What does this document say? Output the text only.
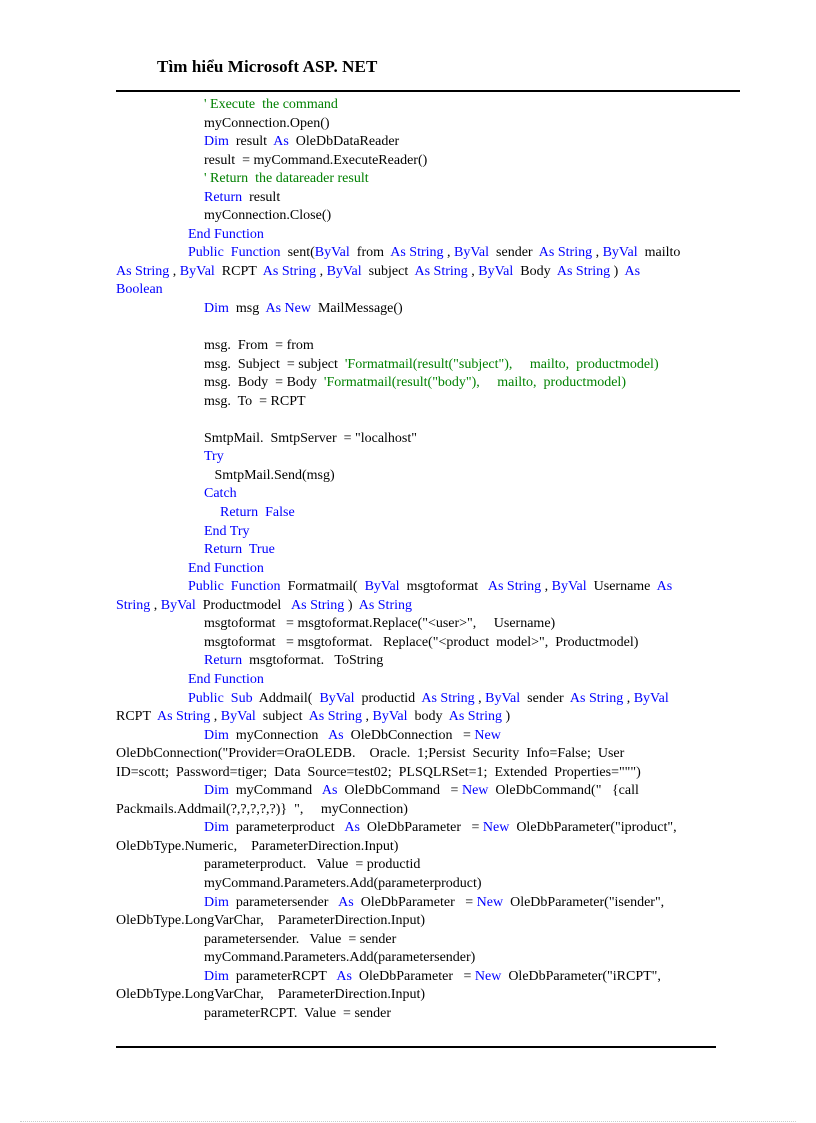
Tìm hiểu Microsoft ASP. NET
' Execute  the command
myConnection.Open()
Dim  result  As  OleDbDataReader
result  = myCommand.ExecuteReader()
' Return  the datareader result
Return  result
myConnection.Close()
End Function
Public  Function  sent(ByVal  from  As String , ByVal  sender  As String , ByVal  mailto
As String , ByVal  RCPT  As String , ByVal  subject  As String , ByVal  Body  As String )  As
Boolean
Dim  msg  As New  MailMessage()
msg.  From  = from
msg.  Subject  = subject  'Formatmail(result("subject"),     mailto,  productmodel)
msg.  Body  = Body  'Formatmail(result("body"),     mailto,  productmodel)
msg.  To  = RCPT
SmtpMail.  SmtpServer  = "localhost"
Try
SmtpMail.Send(msg)
Catch
Return  False
End Try
Return  True
End Function
Public  Function  Formatmail(  ByVal  msgtoformat   As String , ByVal  Username  As
String , ByVal  Productmodel   As String )  As String
msgtoformat   = msgtoformat.Replace("<user>",     Username)
msgtoformat   = msgtoformat.   Replace("<product  model>",  Productmodel)
Return  msgtoformat.   ToString
End Function
Public  Sub  Addmail(  ByVal  productid  As String , ByVal  sender  As String , ByVal
RCPT  As String , ByVal  subject  As String , ByVal  body  As String )
Dim  myConnection   As  OleDbConnection   = New
OleDbConnection("Provider=OraOLEDB.    Oracle.  1;Persist  Security  Info=False;  User
ID=scott;  Password=tiger;  Data  Source=test02;  PLSQLRSet=1;  Extended  Properties=""")
Dim  myCommand   As  OleDbCommand   = New  OleDbCommand("   {call
Packmails.Addmail(?,?,?,?,?)}  ",     myConnection)
Dim  parameterproduct   As  OleDbParameter   = New  OleDbParameter("iproduct",
OleDbType.Numeric,    ParameterDirection.Input)
parameterproduct.   Value  = productid
myCommand.Parameters.Add(parameterproduct)
Dim  parametersender   As  OleDbParameter   = New  OleDbParameter("isender",
OleDbType.LongVarChar,    ParameterDirection.Input)
parametersender.   Value  = sender
myCommand.Parameters.Add(parametersender)
Dim  parameterRCPT   As  OleDbParameter   = New  OleDbParameter("iRCPT",
OleDbType.LongVarChar,    ParameterDirection.Input)
parameterRCPT.  Value  = sender
